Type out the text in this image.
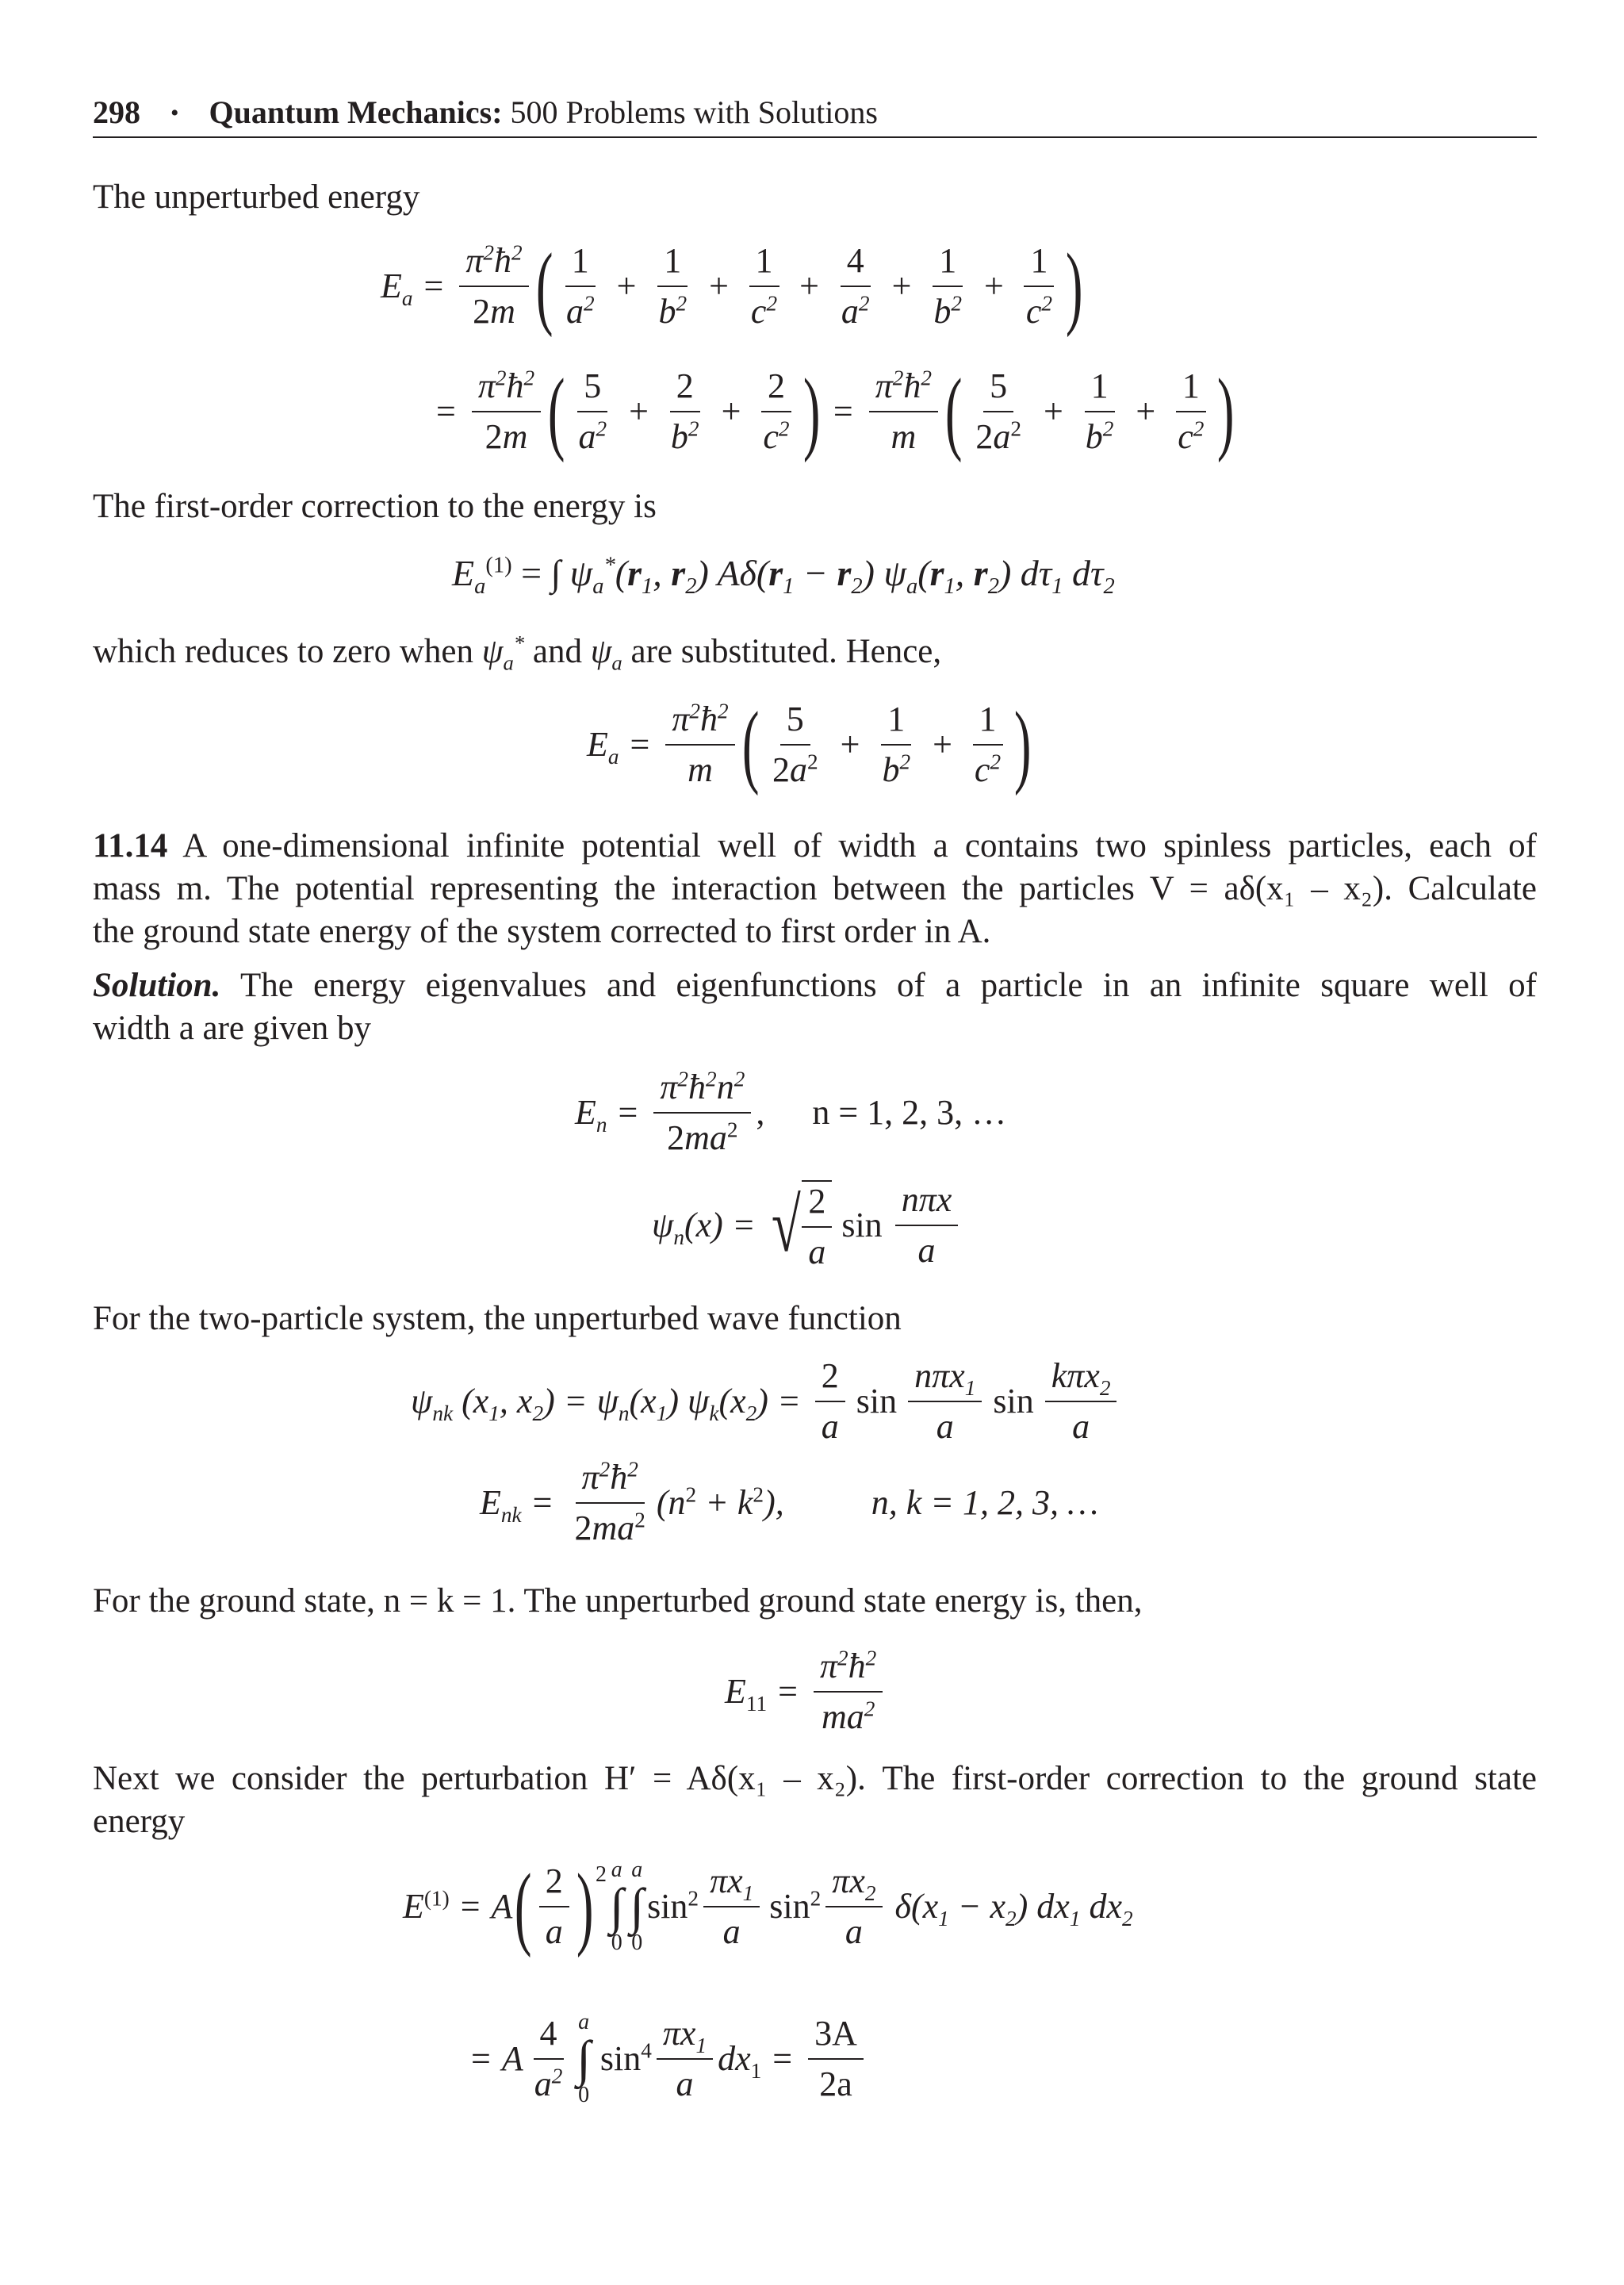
298 • Quantum Mechanics: 500 Problems with Solutions
The unperturbed energy
$E_a = \frac{\pi^2ħ^2}{2m}$ ( $\frac{1}{a^2} + \frac{1}{b^2} + \frac{1}{c^2} + \frac{4}{a^2} + \frac{1}{b^2} + \frac{1}{c^2}$ )
= $\frac{\pi^2ħ^2}{2m}$ ( $\frac{5}{a^2} + \frac{2}{b^2} + \frac{2}{c^2}$ ) = $\frac{\pi^2ħ^2}{m}$ ( $\frac{5}{2a^2} + \frac{1}{b^2} + \frac{1}{c^2}$ )
The first-order correction to the energy is
$E_a^{(1)}$ = ∫ $\psi_a^*(r_1$, $r_2$) $A\delta(r_1 - r_2)$ $\psi_a(r_1$, $r_2$) $d\tau_1$ $d\tau_2$
which reduces to zero when $\psi_a^*$ and $\psi_a$ are substituted. Hence,
$E_a = \frac{\pi^2ħ^2}{m}$ ( $\frac{5}{2a^2} + \frac{1}{b^2} + \frac{1}{c^2}$ )
11.14 A one-dimensional infinite potential well of width a contains two spinless particles, each of
mass m. The potential representing the interaction between the particles V = aδ(x₁ – x₂). Calculate
the ground state energy of the system corrected to first order in A.
Solution. The energy eigenvalues and eigenfunctions of a particle in an infinite square well of
width a are given by
$E_n = \frac{\pi^2ħ^2n^2}{2ma^2}$ , n = 1, 2, 3, …
$\psi_n(x)$ = √ $\frac{2}{a}$ $\sin \frac{\text{nπx}}{a}$
For the two-particle system, the unperturbed wave function
$\psi_{nk}$ ($x_1$, $x_2) = \psi_n(x_1)$ $\psi_k(x_2) = \frac{2}{a}$ $\sin \frac{n\pi x_1}{a}$ $\sin \frac{k\pi x_2}{a}$
$E_{nk} = \frac{\pi^2ħ^2}{2ma^2} (n^2 + k^2)$,	n, k = 1, 2, 3, …
For the ground state, n = k = 1. The unperturbed ground state energy is, then,
$E_{11} = \frac{\pi^2ħ^2}{ma^2}$
Next we consider the perturbation H′ = Aδ(x₁ – x₂). The first-order correction to the ground state
energy
$E^{(1)} = A$ ( $\frac{2}{a} )^2$ a
∫
0
a
∫
0
$\sin^2 \frac{\pi x_1}{a} \sin^2 \frac{\pi x_2}{a} \delta(x_1 - x_2)$ $dx_1$ $dx_2$
= A $\frac{4}{a^2}$ a
∫
0
$\sin^4 \frac{\pi x_1}{a} dx_1 = \frac{3A}{2a}$
